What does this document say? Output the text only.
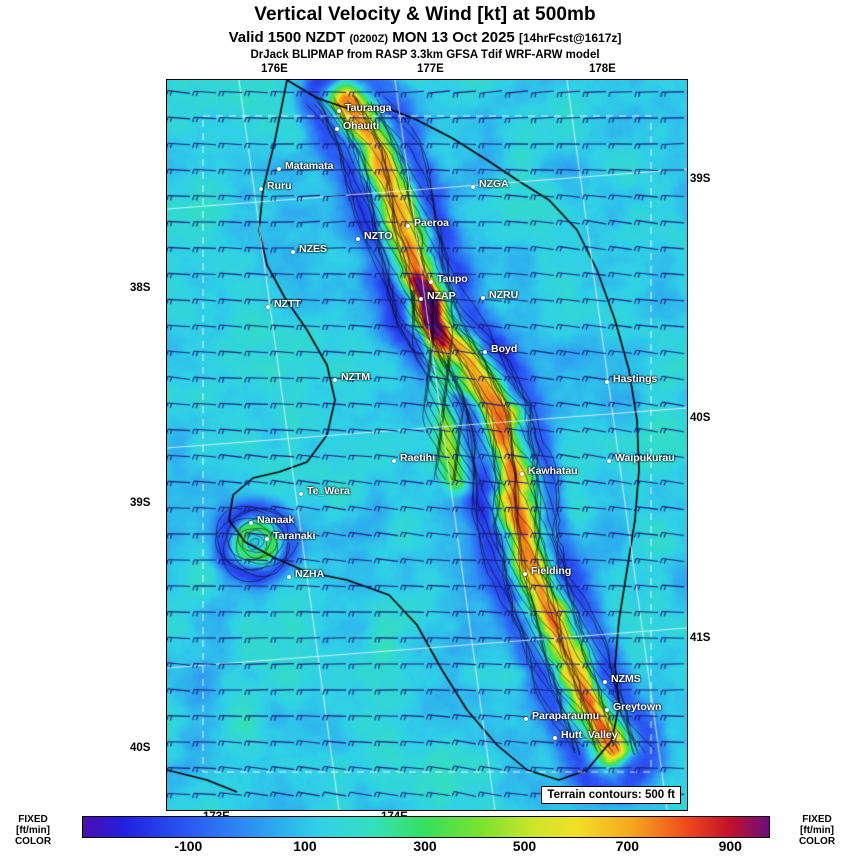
Vertical Velocity & Wind [kt] at 500mb
Valid 1500 NZDT (0200Z) MON 13 Oct 2025 [14hrFcst@1617z]
DrJack BLIPMAP from RASP 3.3km GFSA Tdif WRF-ARW model
Tauranga
Ohauiti
Matamata
Ruru	NZGA
Paeroa
NZTO
NZES
Taupo
NZAP
NZTT
NZRU
Boyd
NZTM	Hastings
Waipukurau
Raetihi
Kawhatau
Te_Wera
Nanaak
Taranaki
NZHA	Fielding
NZMS
Greytown
Paraparaumu
Hutt_Valley
Terrain contours: 500 ft
176E	177E	178E
39S
40S
41S
38S
39S
40S
FIXED
[ft/min]
COLOR	-100	100	300	500	700	900
FIXED
[ft/min]
COLOR
